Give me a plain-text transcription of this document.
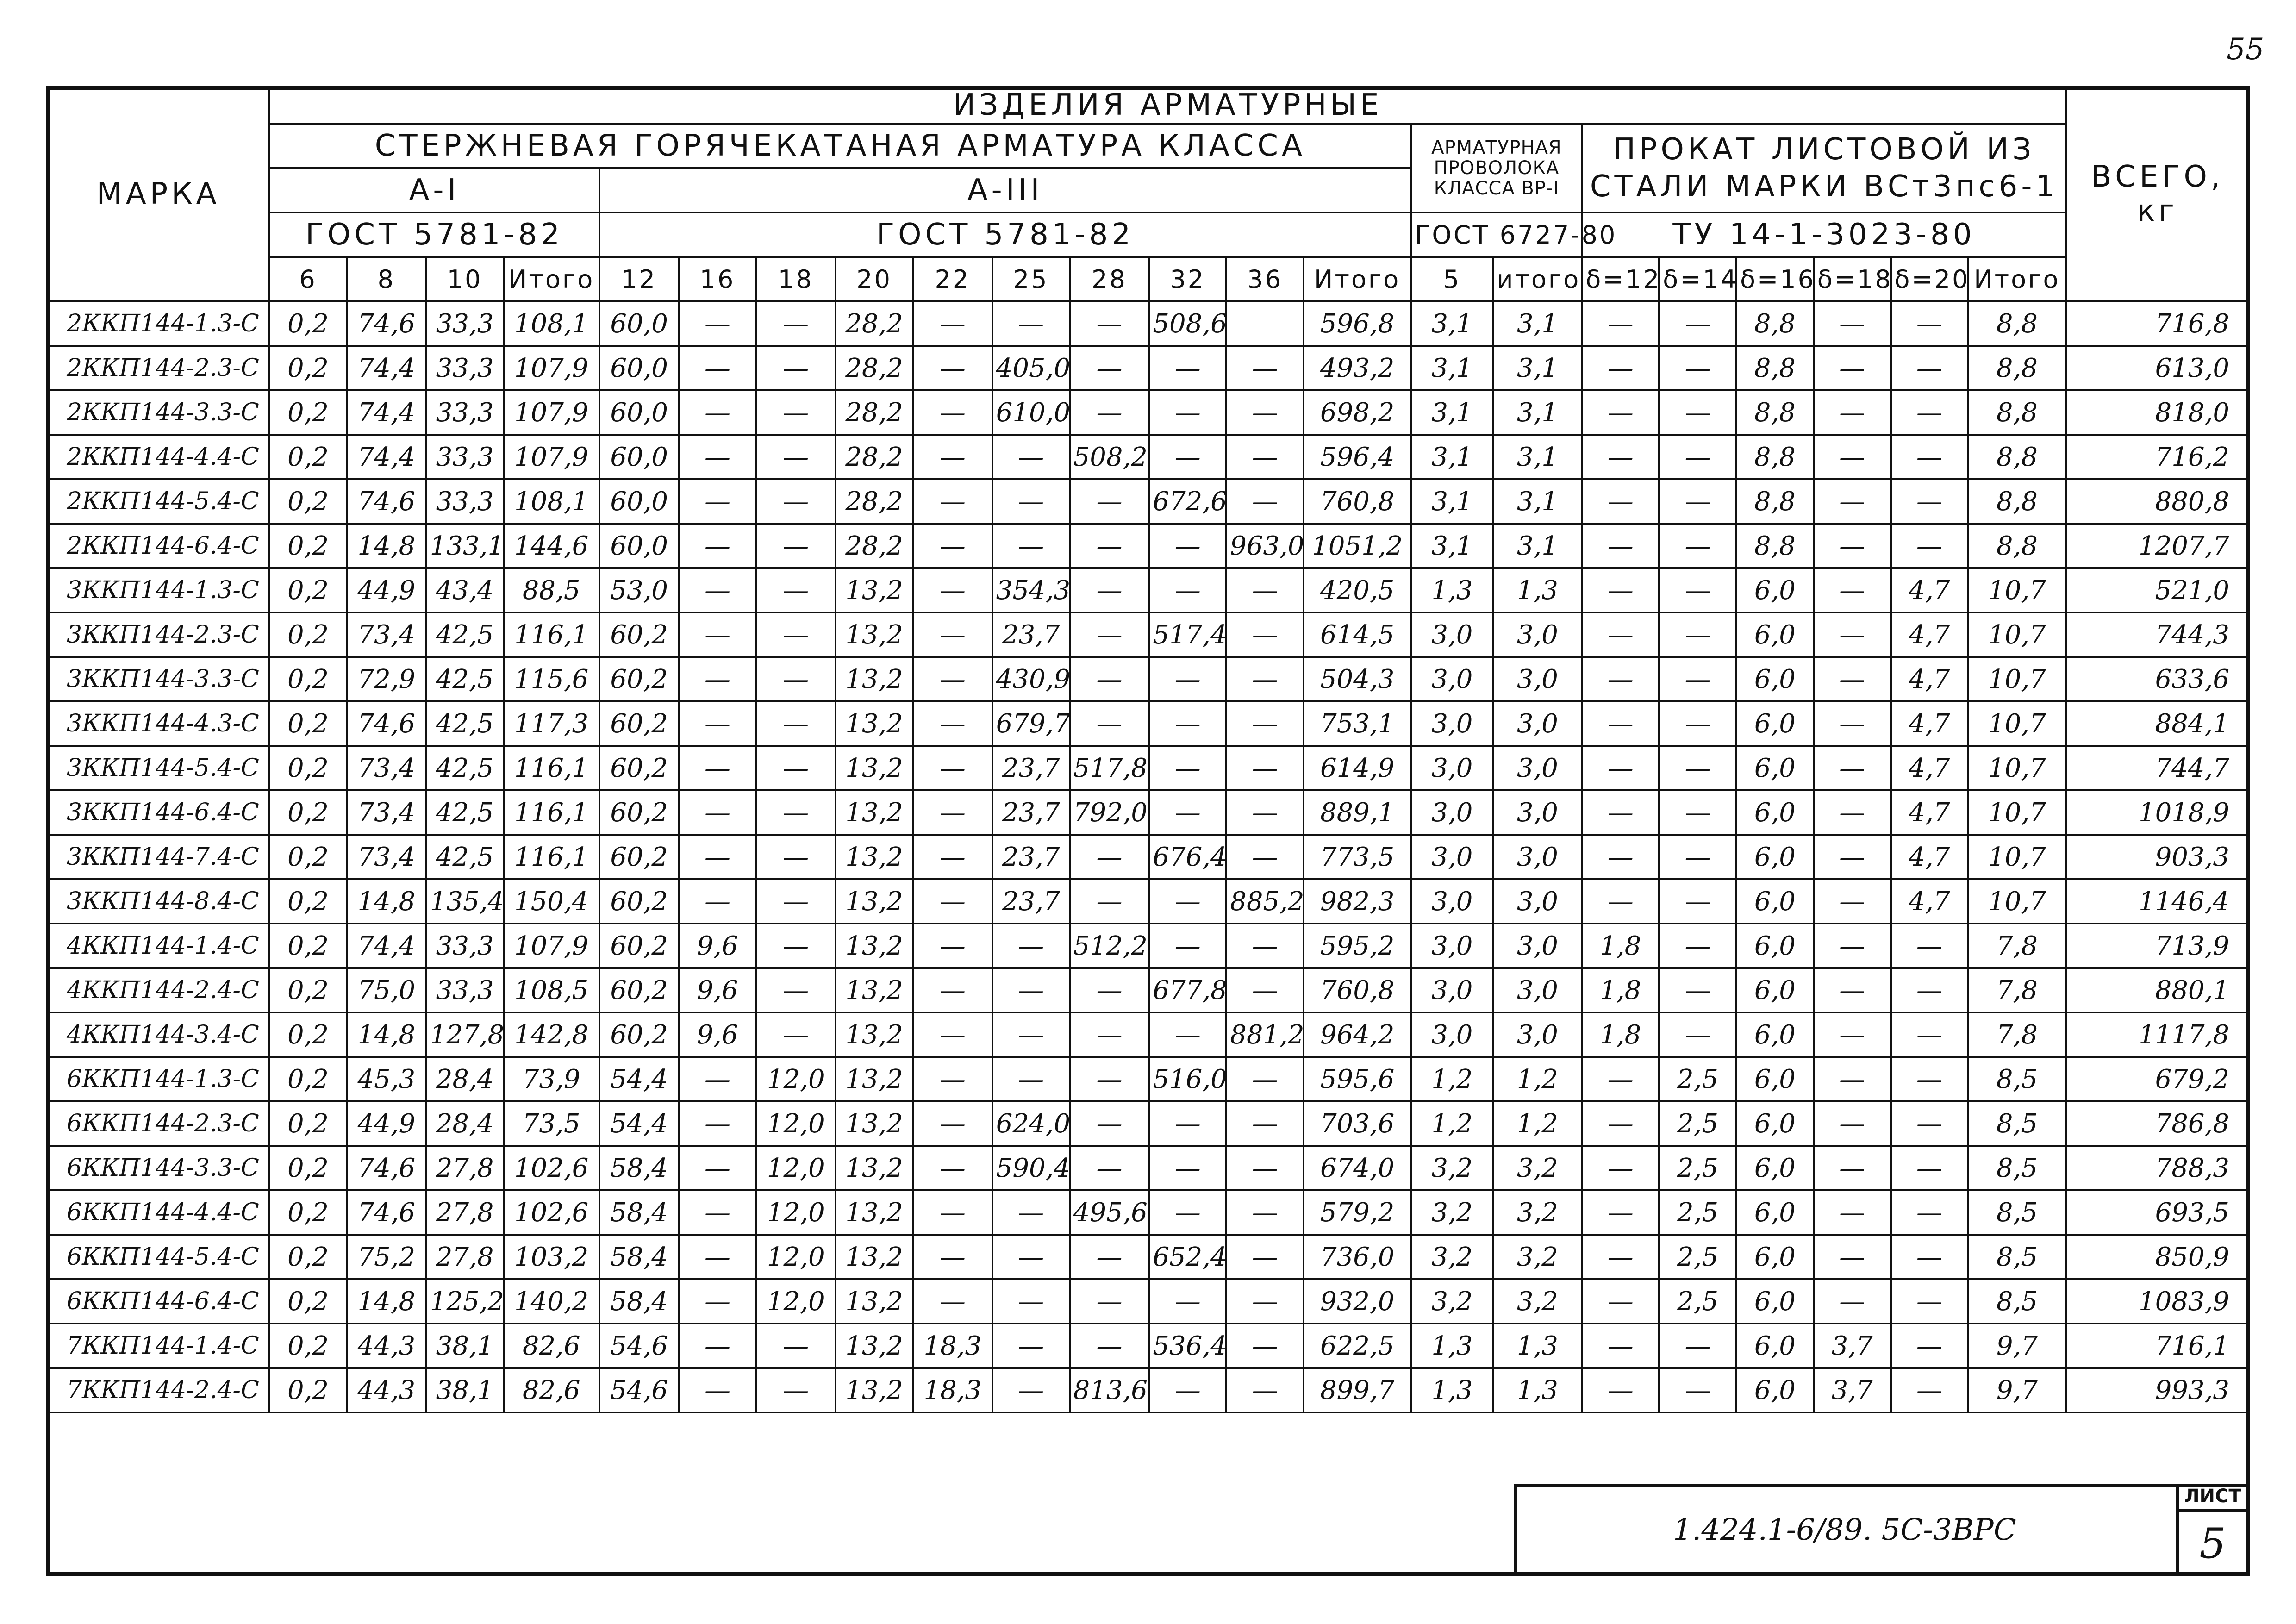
55
МАРКА	ИЗДЕЛИЯ АРМАТУРНЫЕ																						ВСЕГО, кг
	СТЕРЖНЕВАЯ ГОРЯЧЕКАТАНАЯ АРМАТУРА КЛАССА														АРМАТУРНАЯ ПРОВОЛОКА КЛАССА ВР-I		ПРОКАТ ЛИСТОВОЙ ИЗ СТАЛИ МАРКИ ВСт3пс6-1						
	А-I				А-III																		
	ГОСТ 5781-82				ГОСТ 5781-82										ГОСТ 6727-80		ТУ 14-1-3023-80						
	6	8	10	Итого	12	16	18	20	22	25	28	32	36	Итого	5	итого	δ=12	δ=14	δ=16	δ=18	δ=20	Итого	
2ККП144-1.3-С	0,2	74,6	33,3	108,1	60,0	—	—	28,2	—	—	—	508,6		596,8	3,1	3,1	—	—	8,8	—	—	8,8	716,8
2ККП144-2.3-С	0,2	74,4	33,3	107,9	60,0	—	—	28,2	—	405,0	—	—	—	493,2	3,1	3,1	—	—	8,8	—	—	8,8	613,0
2ККП144-3.3-С	0,2	74,4	33,3	107,9	60,0	—	—	28,2	—	610,0	—	—	—	698,2	3,1	3,1	—	—	8,8	—	—	8,8	818,0
2ККП144-4.4-С	0,2	74,4	33,3	107,9	60,0	—	—	28,2	—	—	508,2	—	—	596,4	3,1	3,1	—	—	8,8	—	—	8,8	716,2
2ККП144-5.4-С	0,2	74,6	33,3	108,1	60,0	—	—	28,2	—	—	—	672,6	—	760,8	3,1	3,1	—	—	8,8	—	—	8,8	880,8
2ККП144-6.4-С	0,2	14,8	133,1	144,6	60,0	—	—	28,2	—	—	—	—	963,0	1051,2	3,1	3,1	—	—	8,8	—	—	8,8	1207,7
3ККП144-1.3-С	0,2	44,9	43,4	88,5	53,0	—	—	13,2	—	354,3	—	—	—	420,5	1,3	1,3	—	—	6,0	—	4,7	10,7	521,0
3ККП144-2.3-С	0,2	73,4	42,5	116,1	60,2	—	—	13,2	—	23,7	—	517,4	—	614,5	3,0	3,0	—	—	6,0	—	4,7	10,7	744,3
3ККП144-3.3-С	0,2	72,9	42,5	115,6	60,2	—	—	13,2	—	430,9	—	—	—	504,3	3,0	3,0	—	—	6,0	—	4,7	10,7	633,6
3ККП144-4.3-С	0,2	74,6	42,5	117,3	60,2	—	—	13,2	—	679,7	—	—	—	753,1	3,0	3,0	—	—	6,0	—	4,7	10,7	884,1
3ККП144-5.4-С	0,2	73,4	42,5	116,1	60,2	—	—	13,2	—	23,7	517,8	—	—	614,9	3,0	3,0	—	—	6,0	—	4,7	10,7	744,7
3ККП144-6.4-С	0,2	73,4	42,5	116,1	60,2	—	—	13,2	—	23,7	792,0	—	—	889,1	3,0	3,0	—	—	6,0	—	4,7	10,7	1018,9
3ККП144-7.4-С	0,2	73,4	42,5	116,1	60,2	—	—	13,2	—	23,7	—	676,4	—	773,5	3,0	3,0	—	—	6,0	—	4,7	10,7	903,3
3ККП144-8.4-С	0,2	14,8	135,4	150,4	60,2	—	—	13,2	—	23,7	—	—	885,2	982,3	3,0	3,0	—	—	6,0	—	4,7	10,7	1146,4
4ККП144-1.4-С	0,2	74,4	33,3	107,9	60,2	9,6	—	13,2	—	—	512,2	—	—	595,2	3,0	3,0	1,8	—	6,0	—	—	7,8	713,9
4ККП144-2.4-С	0,2	75,0	33,3	108,5	60,2	9,6	—	13,2	—	—	—	677,8	—	760,8	3,0	3,0	1,8	—	6,0	—	—	7,8	880,1
4ККП144-3.4-С	0,2	14,8	127,8	142,8	60,2	9,6	—	13,2	—	—	—	—	881,2	964,2	3,0	3,0	1,8	—	6,0	—	—	7,8	1117,8
6ККП144-1.3-С	0,2	45,3	28,4	73,9	54,4	—	12,0	13,2	—	—	—	516,0	—	595,6	1,2	1,2	—	2,5	6,0	—	—	8,5	679,2
6ККП144-2.3-С	0,2	44,9	28,4	73,5	54,4	—	12,0	13,2	—	624,0	—	—	—	703,6	1,2	1,2	—	2,5	6,0	—	—	8,5	786,8
6ККП144-3.3-С	0,2	74,6	27,8	102,6	58,4	—	12,0	13,2	—	590,4	—	—	—	674,0	3,2	3,2	—	2,5	6,0	—	—	8,5	788,3
6ККП144-4.4-С	0,2	74,6	27,8	102,6	58,4	—	12,0	13,2	—	—	495,6	—	—	579,2	3,2	3,2	—	2,5	6,0	—	—	8,5	693,5
6ККП144-5.4-С	0,2	75,2	27,8	103,2	58,4	—	12,0	13,2	—	—	—	652,4	—	736,0	3,2	3,2	—	2,5	6,0	—	—	8,5	850,9
6ККП144-6.4-С	0,2	14,8	125,2	140,2	58,4	—	12,0	13,2	—	—	—	—	—	932,0	3,2	3,2	—	2,5	6,0	—	—	8,5	1083,9
7ККП144-1.4-С	0,2	44,3	38,1	82,6	54,6	—	—	13,2	18,3	—	—	536,4	—	622,5	1,3	1,3	—	—	6,0	3,7	—	9,7	716,1
7ККП144-2.4-С	0,2	44,3	38,1	82,6	54,6	—	—	13,2	18,3	—	813,6	—	—	899,7	1,3	1,3	—	—	6,0	3,7	—	9,7	993,3
1.424.1-6/89. 5С-3ВРС
ЛИСТ
5
